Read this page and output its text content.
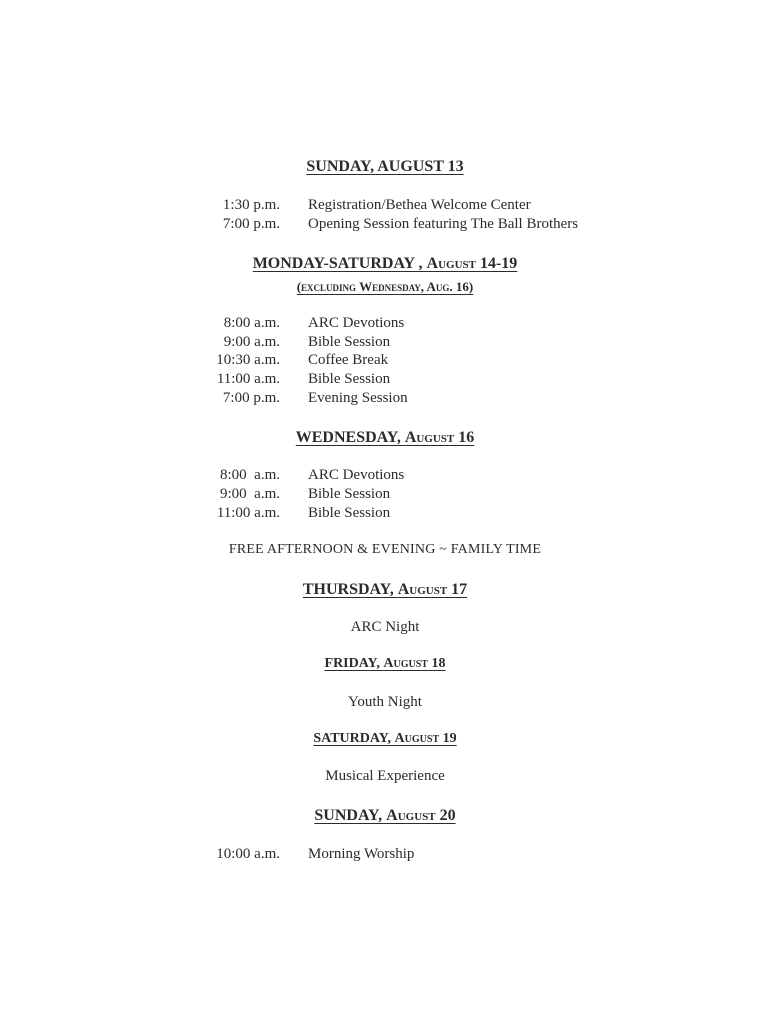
SUNDAY, AUGUST 13
1:30 p.m. Registration/Bethea Welcome Center
7:00 p.m. Opening Session featuring The Ball Brothers
MONDAY-SATURDAY , August 14-19
(excluding Wednesday, Aug. 16)
8:00 a.m. ARC Devotions
9:00 a.m. Bible Session
10:30 a.m. Coffee Break
11:00 a.m. Bible Session
7:00 p.m. Evening Session
WEDNESDAY, August 16
8:00  a.m. ARC Devotions
9:00  a.m. Bible Session
11:00 a.m. Bible Session
FREE AFTERNOON & EVENING ~ FAMILY TIME
THURSDAY, August 17
ARC Night
FRIDAY, August 18
Youth Night
SATURDAY, August 19
Musical Experience
SUNDAY, August 20
10:00 a.m. Morning Worship
